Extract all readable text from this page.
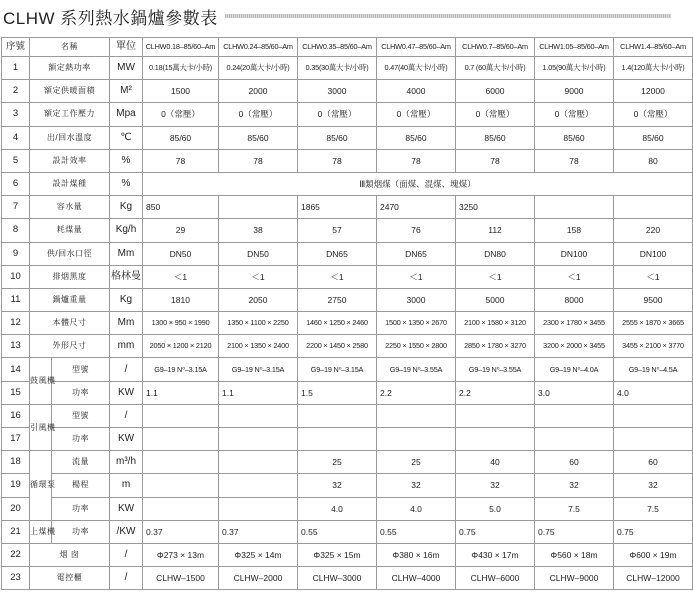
CLHW 系列熱水鍋爐參數表
序號	名稱		單位	CLHW0.18–85/60–Am	CLHW0.24–85/60–Am	CLHW0.35–85/60–Am	CLHW0.47–85/60–Am	CLHW0.7–85/60–Am	CLHW1.05–85/60–Am	CLHW1.4–85/60–Am
1	額定熱功率		MW	0.18(15萬大卡/小時)	0.24(20萬大卡/小時)	0.35(30萬大卡/小時)	0.47(40萬大卡/小時)	0.7 (60萬大卡/小時)	1.05(90萬大卡/小時)	1.4(120萬大卡/小時)
2	額定供暖面積		M²	1500	2000	3000	4000	6000	9000	12000
3	額定工作壓力		Mpa	0（常壓）	0（常壓）	0（常壓）	0（常壓）	0（常壓）	0（常壓）	0（常壓）
4	出/回水溫度		℃	85/60	85/60	85/60	85/60	85/60	85/60	85/60
5	設計效率		%	78	78	78	78	78	78	80
6	設計煤種		%	Ⅲ類烟煤（面煤、混煤、塊煤）						
7	容水量		Kg	850		1865	2470	3250		
8	耗煤量		Kg/h	29	38	57	76	112	158	220
9	供/回水口徑		Mm	DN50	DN50	DN65	DN65	DN80	DN100	DN100
10	排烟黑度		格林曼	＜1	＜1	＜1	＜1	＜1	＜1	＜1
11	鍋爐重量		Kg	1810	2050	2750	3000	5000	8000	9500
12	本體尺寸		Mm	1300 × 950 × 1990	1350 × 1100 × 2250	1460 × 1250 × 2460	1500 × 1350 × 2670	2100 × 1580 × 3120	2300 × 1780 × 3455	2555 × 1870 × 3665
13	外形尺寸		mm	2050 × 1200 × 2120	2100 × 1350 × 2400	2200 × 1450 × 2580	2250 × 1550 × 2800	2850 × 1780 × 3270	3200 × 2000 × 3455	3455 × 2100 × 3770
14	鼓風機	型號	/	G9–19 N⁰–3.15A	G9–19 N⁰–3.15A	G9–19 N⁰–3.15A	G9–19 N⁰–3.55A	G9–19 N⁰–3.55A	G9–19 N⁰–4.0A	G9–19 N⁰–4.5A
15		功率	KW	1.1	1.1	1.5	2.2	2.2	3.0	4.0
16	引風機	型號	/							
17		功率	KW							
18	循環泵	流量	m³/h			25	25	40	60	60
19		楊程	m			32	32	32	32	32
20		功率	KW			4.0	4.0	5.0	7.5	7.5
21	上煤機	功率	/KW	0.37	0.37	0.55	0.55	0.75	0.75	0.75
22	烟 囱		/	Φ273 × 13m	Φ325 × 14m	Φ325 × 15m	Φ380 × 16m	Φ430 × 17m	Φ560 × 18m	Φ600 × 19m
23	電控櫃		/	CLHW–1500	CLHW–2000	CLHW–3000	CLHW–4000	CLHW–6000	CLHW–9000	CLHW–12000
